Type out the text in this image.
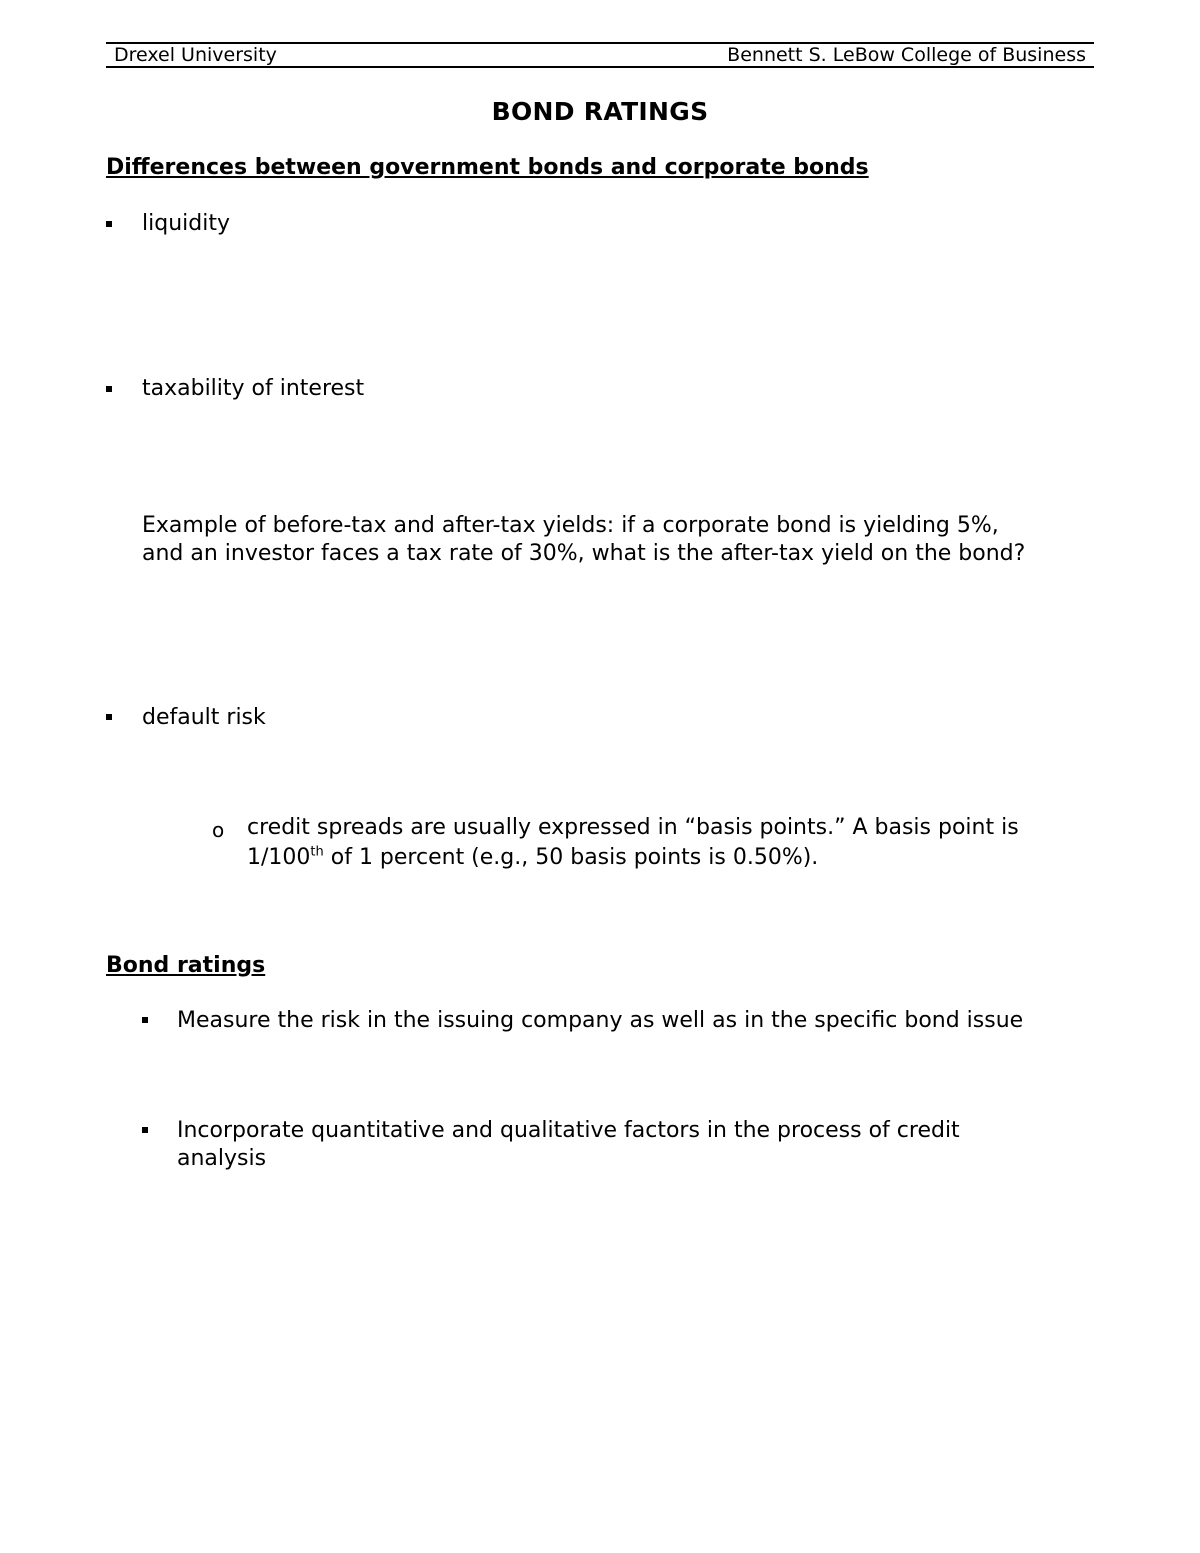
Drexel University	Bennett S. LeBow College of Business
BOND RATINGS
Differences between government bonds and corporate bonds
liquidity
taxability of interest
Example of before-tax and after-tax yields: if a corporate bond is yielding 5%,
and an investor faces a tax rate of 30%, what is the after-tax yield on the bond?
default risk
o credit spreads are usually expressed in “basis points.” A basis point is
1/100th of 1 percent (e.g., 50 basis points is 0.50%).
Bond ratings
Measure the risk in the issuing company as well as in the specific bond issue
Incorporate quantitative and qualitative factors in the process of credit
analysis
